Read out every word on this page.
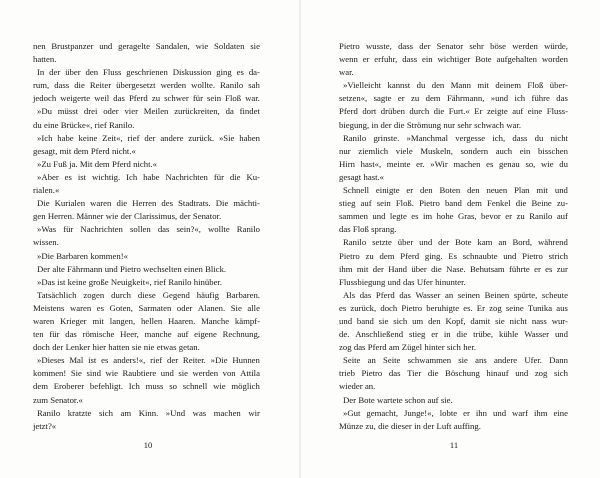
nen Brustpanzer und geragelte Sandalen, wie Soldaten sie
hatten.
In der über den Fluss geschrienen Diskussion ging es da-
rum, dass die Reiter übergesetzt werden wollte. Ranilo sah
jedoch weigerte weil das Pferd zu schwer für sein Floß war.
»Du müsst drei oder vier Meilen zurückreiten, da findet
du eine Brücke«, rief Ranilo.
»Ich habe keine Zeit«, rief der andere zurück. »Sie haben
gesagt, mit dem Pferd nicht.«
»Zu Fuß ja. Mit dem Pferd nicht.«
»Aber es ist wichtig. Ich habe Nachrichten für die Ku-
rialen.«
Die Kurialen waren die Herren des Stadtrats. Die mächti-
gen Herren. Männer wie der Clarissimus, der Senator.
»Was für Nachrichten sollen das sein?«, wollte Ranilo
wissen.
»Die Barbaren kommen!«
Der alte Fährmann und Pietro wechselten einen Blick.
»Das ist keine große Neuigkeit«, rief Ranilo hinüber.
Tatsächlich zogen durch diese Gegend häufig Barbaren.
Meistens waren es Goten, Sarmaten oder Alanen. Sie alle
waren Krieger mit langen, hellen Haaren. Manche kämpf-
ten für das römische Heer, manche auf eigene Rechnung,
doch der Lenker hier hatten sie nie etwas getan.
»Dieses Mal ist es anders!«, rief der Reiter. »Die Hunnen
kommen! Sie sind wie Raubtiere und sie werden von Attila
dem Eroberer befehligt. Ich muss so schnell wie möglich
zum Senator.«
Ranilo kratzte sich am Kinn. »Und was machen wir
jetzt?«
Pietro wusste, dass der Senator sehr böse werden würde,
wenn er erfuhr, dass ein wichtiger Bote aufgehalten worden
war.
»Vielleicht kannst du den Mann mit deinem Floß über-
setzen«, sagte er zu dem Fährmann, »und ich führe das
Pferd dort drüben durch die Furt.« Er zeigte auf eine Fluss-
biegung, in der die Strömung nur sehr schwach war.
Ranilo grinste. »Manchmal vergesse ich, dass du nicht
nur ziemlich viele Muskeln, sondern auch ein bisschen
Hirn hast«, meinte er. »Wir machen es genau so, wie du
gesagt hast.«
Schnell einigte er den Boten den neuen Plan mit und
stieg auf sein Floß. Pietro band dem Fenkel die Beine zu-
sammen und legte es im hohe Gras, bevor er zu Ranilo auf
das Floß sprang.
Ranilo setzte über und der Bote kam an Bord, während
Pietro zu dem Pferd ging. Es schnaubte und Pietro strich
ihm mit der Hand über die Nase. Behutsam führte er es zur
Flussbiegung und das Ufer hinunter.
Als das Pferd das Wasser an seinen Beinen spürte, scheute
es zurück, doch Pietro beruhigte es. Er zog seine Tunika aus
und band sie sich um den Kopf, damit sie nicht nass wur-
de. Anschließend stieg er in die trübe, kühle Wasser und
zog das Pferd am Zügel hinter sich her.
Seite an Seite schwammen sie ans andere Ufer. Dann
trieb Pietro das Tier die Böschung hinauf und zog sich
wieder an.
Der Bote wartete schon auf sie.
»Gut gemacht, Junge!«, lobte er ihn und warf ihm eine
Münze zu, die dieser in der Luft auffing.
10	11
